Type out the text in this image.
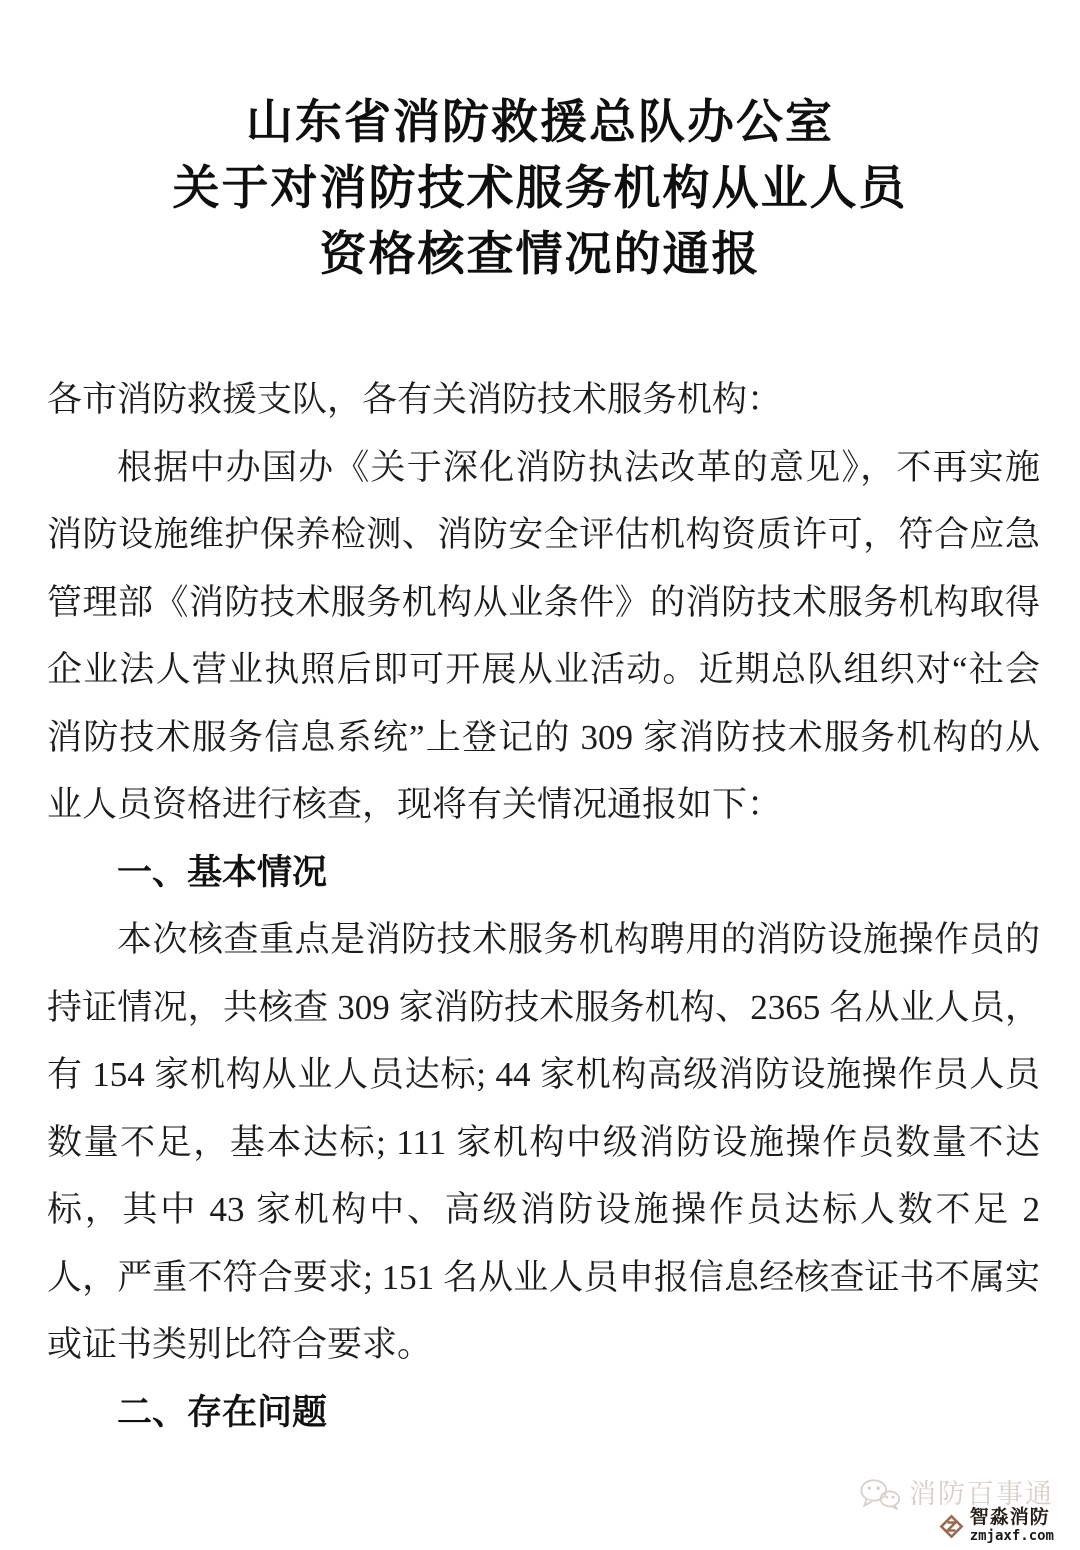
山东省消防救援总队办公室
关于对消防技术服务机构从业人员
资格核查情况的通报

各市消防救援支队，各有关消防技术服务机构：

根据中办国办《关于深化消防执法改革的意见》，不再实施消防设施维护保养检测、消防安全评估机构资质许可，符合应急管理部《消防技术服务机构从业条件》的消防技术服务机构取得企业法人营业执照后即可开展从业活动。近期总队组织对“社会消防技术服务信息系统”上登记的 309 家消防技术服务机构的从业人员资格进行核查，现将有关情况通报如下：

一、基本情况

本次核查重点是消防技术服务机构聘用的消防设施操作员的持证情况，共核查 309 家消防技术服务机构、2365 名从业人员，有 154 家机构从业人员达标; 44 家机构高级消防设施操作员人员数量不足，基本达标; 111 家机构中级消防设施操作员数量不达标，其中 43 家机构中、高级消防设施操作员达标人数不足 2 人，严重不符合要求; 151 名从业人员申报信息经核查证书不属实或证书类别比符合要求。

二、存在问题
消防百事通
智淼消防
zmjaxf.com
